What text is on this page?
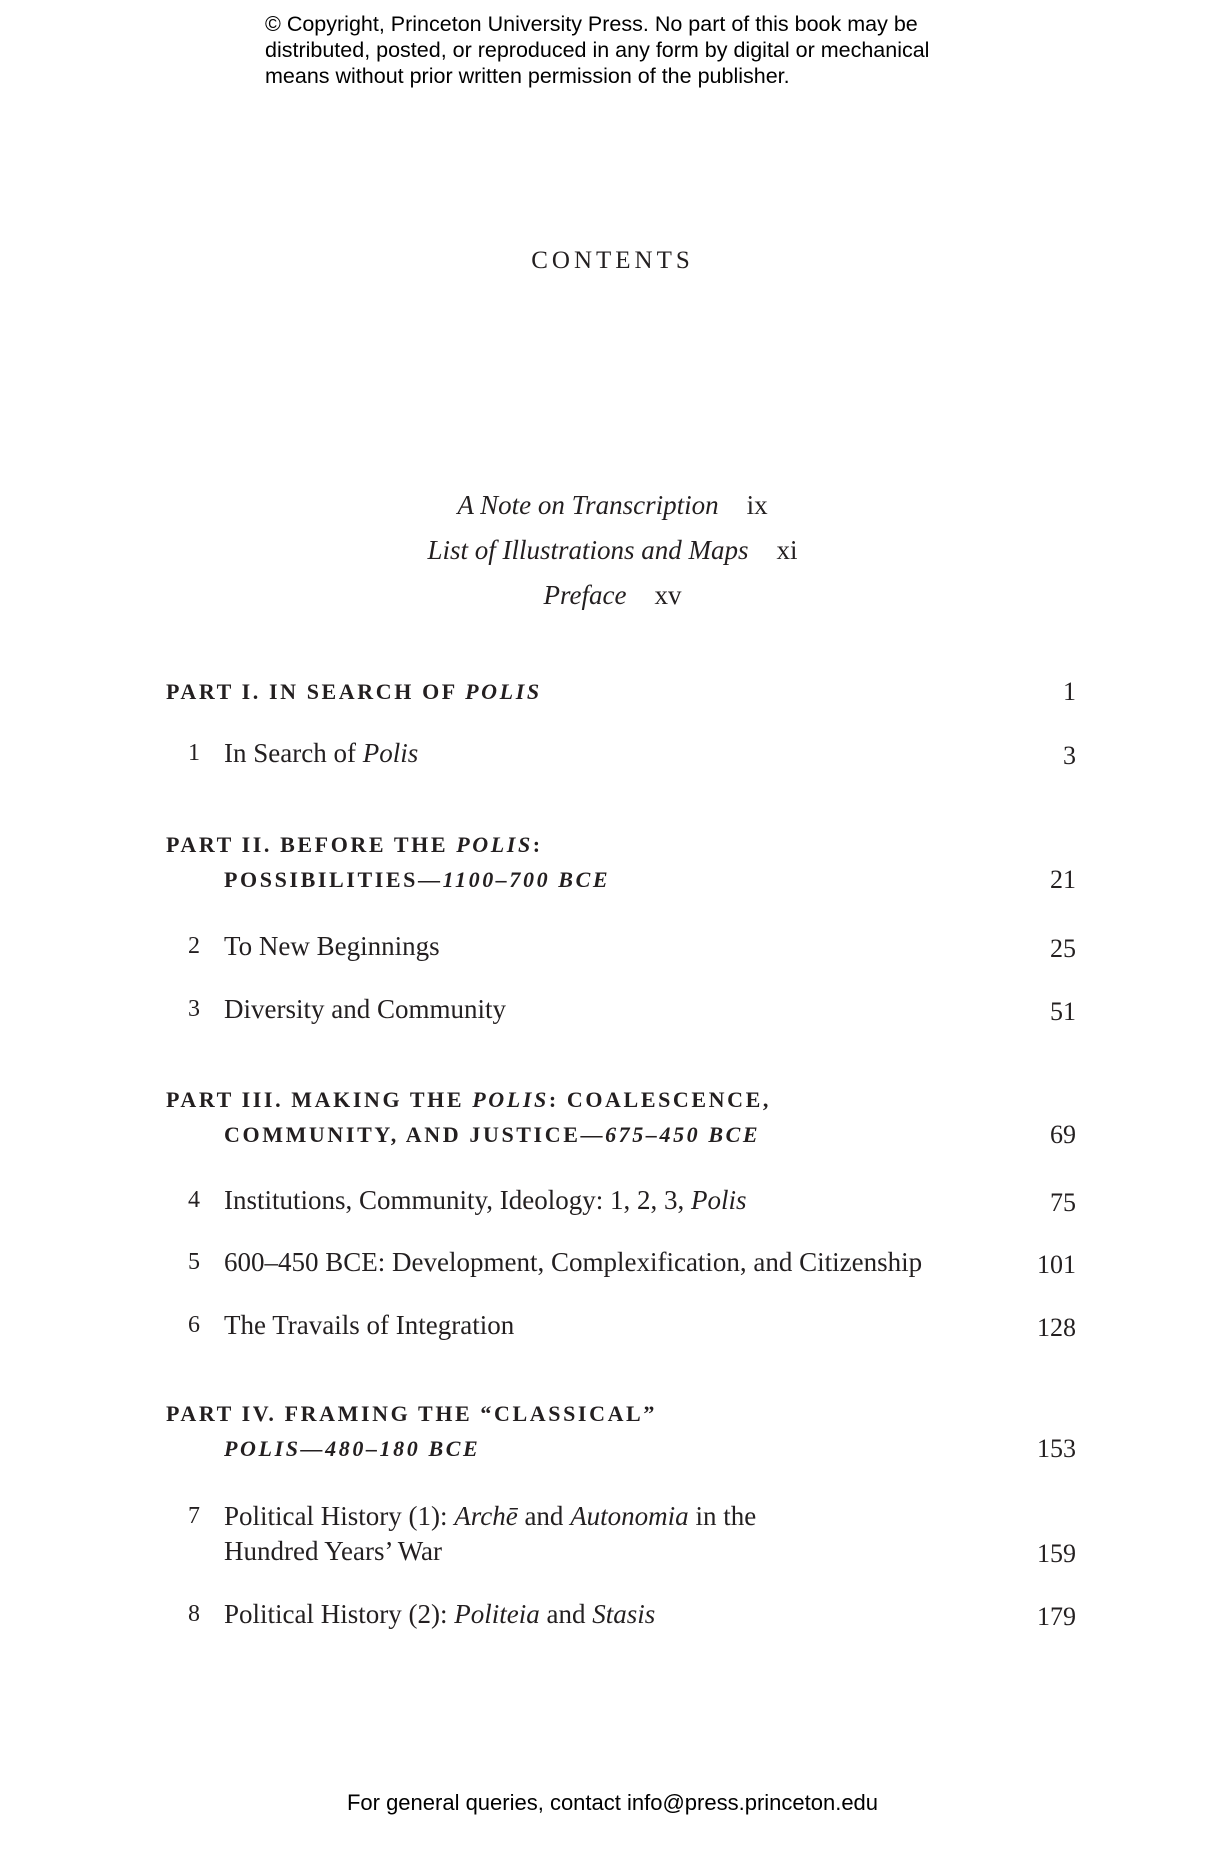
© Copyright, Princeton University Press. No part of this book may be
distributed, posted, or reproduced in any form by digital or mechanical
means without prior written permission of the publisher.
CONTENTS
A Note on Transcription ix
List of Illustrations and Maps xi
Preface xv
PART I. IN SEARCH OF POLIS	1
1 In Search of Polis	3
PART II. BEFORE THE POLIS:
POSSIBILITIES—1100–700 BCE	21
2 To New Beginnings	25
3 Diversity and Community	51
PART III. MAKING THE POLIS: COALESCENCE,
COMMUNITY, AND JUSTICE—675–450 BCE	69
4 Institutions, Community, Ideology: 1, 2, 3, Polis	75
5 600–450 BCE: Development, Complexification, and Citizenship	101
6 The Travails of Integration	128
PART IV. FRAMING THE “CLASSICAL”
POLIS—480–180 BCE	153
7 Political History (1): Archē and Autonomia in the
Hundred Years’ War	159
8 Political History (2): Politeia and Stasis	179
For general queries, contact info@press.princeton.edu
